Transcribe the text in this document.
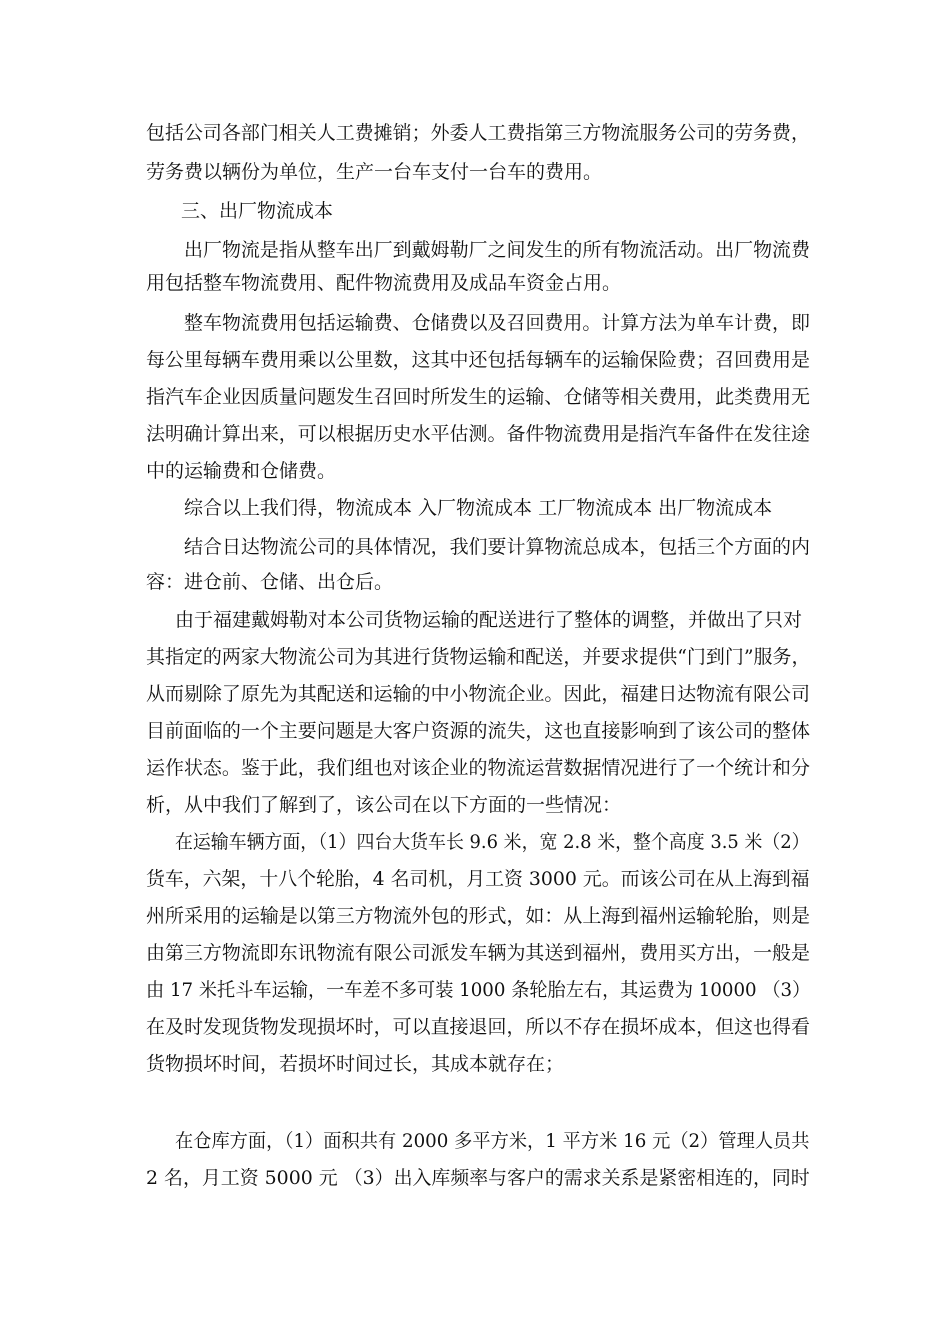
包括公司各部门相关人工费摊销；外委人工费指第三方物流服务公司的劳务费，
劳务费以辆份为单位，生产一台车支付一台车的费用。
三、出厂物流成本
出厂物流是指从整车出厂到戴姆勒厂之间发生的所有物流活动。出厂物流费
用包括整车物流费用、配件物流费用及成品车资金占用。
整车物流费用包括运输费、仓储费以及召回费用。计算方法为单车计费，即
每公里每辆车费用乘以公里数，这其中还包括每辆车的运输保险费；召回费用是
指汽车企业因质量问题发生召回时所发生的运输、仓储等相关费用，此类费用无
法明确计算出来，可以根据历史水平估测。备件物流费用是指汽车备件在发往途
中的运输费和仓储费。
综合以上我们得，物流成本 入厂物流成本 工厂物流成本 出厂物流成本
结合日达物流公司的具体情况，我们要计算物流总成本，包括三个方面的内
容：进仓前、仓储、出仓后。
由于福建戴姆勒对本公司货物运输的配送进行了整体的调整，并做出了只对
其指定的两家大物流公司为其进行货物运输和配送，并要求提供“门到门”服务，
从而剔除了原先为其配送和运输的中小物流企业。因此，福建日达物流有限公司
目前面临的一个主要问题是大客户资源的流失，这也直接影响到了该公司的整体
运作状态。鉴于此，我们组也对该企业的物流运营数据情况进行了一个统计和分
析，从中我们了解到了，该公司在以下方面的一些情况：
在运输车辆方面，（1）四台大货车长 9.6 米，宽 2.8 米，整个高度 3.5 米（2）
货车，六架，十八个轮胎，4 名司机，月工资 3000 元。而该公司在从上海到福
州所采用的运输是以第三方物流外包的形式，如：从上海到福州运输轮胎，则是
由第三方物流即东讯物流有限公司派发车辆为其送到福州，费用买方出，一般是
由 17 米托斗车运输，一车差不多可装 1000 条轮胎左右，其运费为 10000 （3）
在及时发现货物发现损坏时，可以直接退回，所以不存在损坏成本，但这也得看
货物损坏时间，若损坏时间过长，其成本就存在；
在仓库方面，（1）面积共有 2000 多平方米，1 平方米 16 元（2）管理人员共
2 名，月工资 5000 元 （3）出入库频率与客户的需求关系是紧密相连的，同时
